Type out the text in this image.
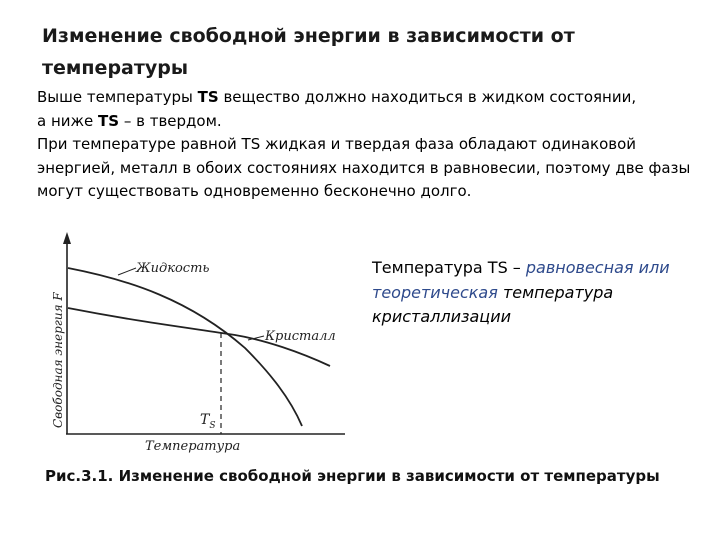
Изменение свободной энергии в зависимости от температуры

Выше температуры TS вещество должно находиться в жидком состоянии,
а ниже TS – в твердом.

При температуре равной TS жидкая и твердая фаза обладают одинаковой энергией, металл в обоих состояниях находится в равновесии, поэтому две фазы могут существовать одновременно бесконечно долго.

Жидкость
Кристалл
$T_S$
Температура
Свободная энергия F
Температура TS – равновесная или теоретическая температура кристаллизации
Рис.3.1. Изменение свободной энергии в зависимости от температуры
